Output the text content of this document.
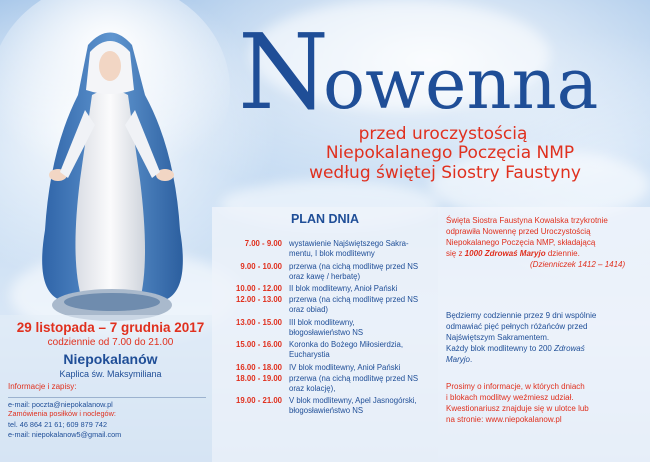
Nowenna
przed uroczystością
Niepokalanego Poczęcia NMP
według świętej Siostry Faustyny
29 listopada – 7 grudnia 2017
codziennie od 7.00 do 21.00
Niepokalanów
Kaplica św. Maksymiliana
Informacje i zapisy:
e-mail: poczta@niepokalanow.pl
Zamówienia posiłków i noclegów:
tel. 46 864 21 61; 609 879 742
e-mail: niepokalanow5@gmail.com
PLAN DNIA
7.00 - 9.00 wystawienie Najświętszego Sakra-
mentu, I blok modlitewny
9.00 - 10.00 przerwa (na cichą modlitwę przed NS
oraz kawę / herbatę)
10.00 - 12.00 II blok modlitewny, Anioł Pański
12.00 - 13.00 przerwa (na cichą modlitwę przed NS
oraz obiad)
13.00 - 15.00 III blok modlitewny,
błogosławieństwo NS
15.00 - 16.00 Koronka do Bożego Miłosierdzia,
Eucharystia
16.00 - 18.00 IV blok modlitewny, Anioł Pański
18.00 - 19.00 przerwa (na cichą modlitwę przed NS
oraz kolację),
19.00 - 21.00 V blok modlitewny, Apel Jasnogórski,
błogosławieństwo NS
Święta Siostra Faustyna Kowalska trzykrotnie
odprawiła Nowennę przed Uroczystością
Niepokalanego Poczęcia NMP, składającą
się z 1000 Zdrowaś Maryjo dziennie.
(Dzienniczek 1412 – 1414)
Będziemy codziennie przez 9 dni wspólnie
odmawiać pięć pełnych różańców przed
Najświętszym Sakramentem.
Każdy blok modlitewny to 200 Zdrowaś
Maryjo.
Prosimy o informacje, w których dniach
i blokach modlitwy weźmiesz udział.
Kwestionariusz znajduje się w ulotce lub
na stronie: www.niepokalanow.pl
